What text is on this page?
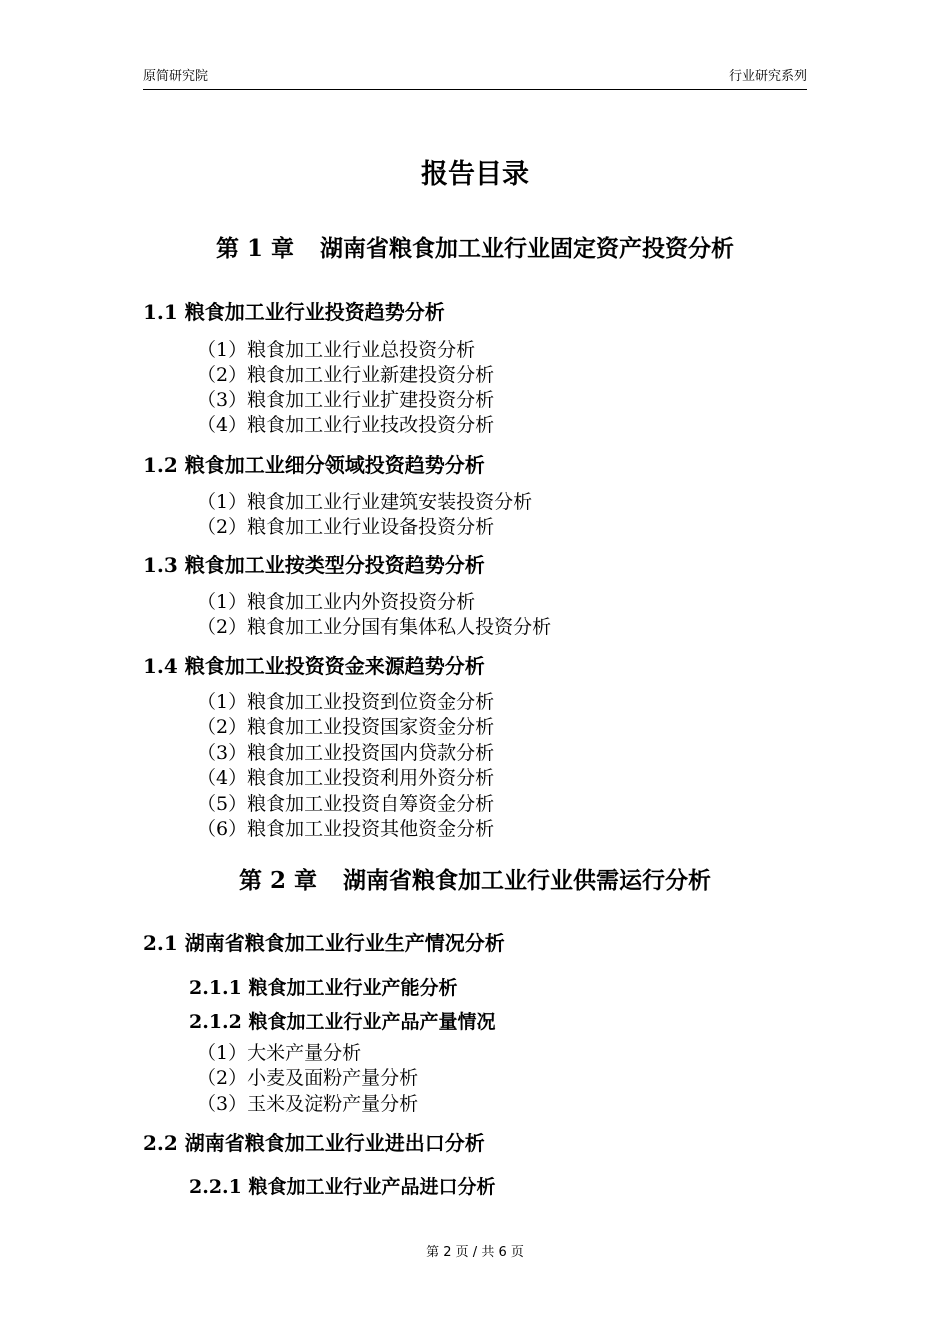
原简研究院	行业研究系列
报告目录
第 1 章 湖南省粮食加工业行业固定资产投资分析
1.1 粮食加工业行业投资趋势分析
（1）粮食加工业行业总投资分析
（2）粮食加工业行业新建投资分析
（3）粮食加工业行业扩建投资分析
（4）粮食加工业行业技改投资分析
1.2 粮食加工业细分领域投资趋势分析
（1）粮食加工业行业建筑安装投资分析
（2）粮食加工业行业设备投资分析
1.3 粮食加工业按类型分投资趋势分析
（1）粮食加工业内外资投资分析
（2）粮食加工业分国有集体私人投资分析
1.4 粮食加工业投资资金来源趋势分析
（1）粮食加工业投资到位资金分析
（2）粮食加工业投资国家资金分析
（3）粮食加工业投资国内贷款分析
（4）粮食加工业投资利用外资分析
（5）粮食加工业投资自筹资金分析
（6）粮食加工业投资其他资金分析
第 2 章 湖南省粮食加工业行业供需运行分析
2.1 湖南省粮食加工业行业生产情况分析
2.1.1 粮食加工业行业产能分析
2.1.2 粮食加工业行业产品产量情况
（1）大米产量分析
（2）小麦及面粉产量分析
（3）玉米及淀粉产量分析
2.2 湖南省粮食加工业行业进出口分析
2.2.1 粮食加工业行业产品进口分析
第 2 页 / 共 6 页
